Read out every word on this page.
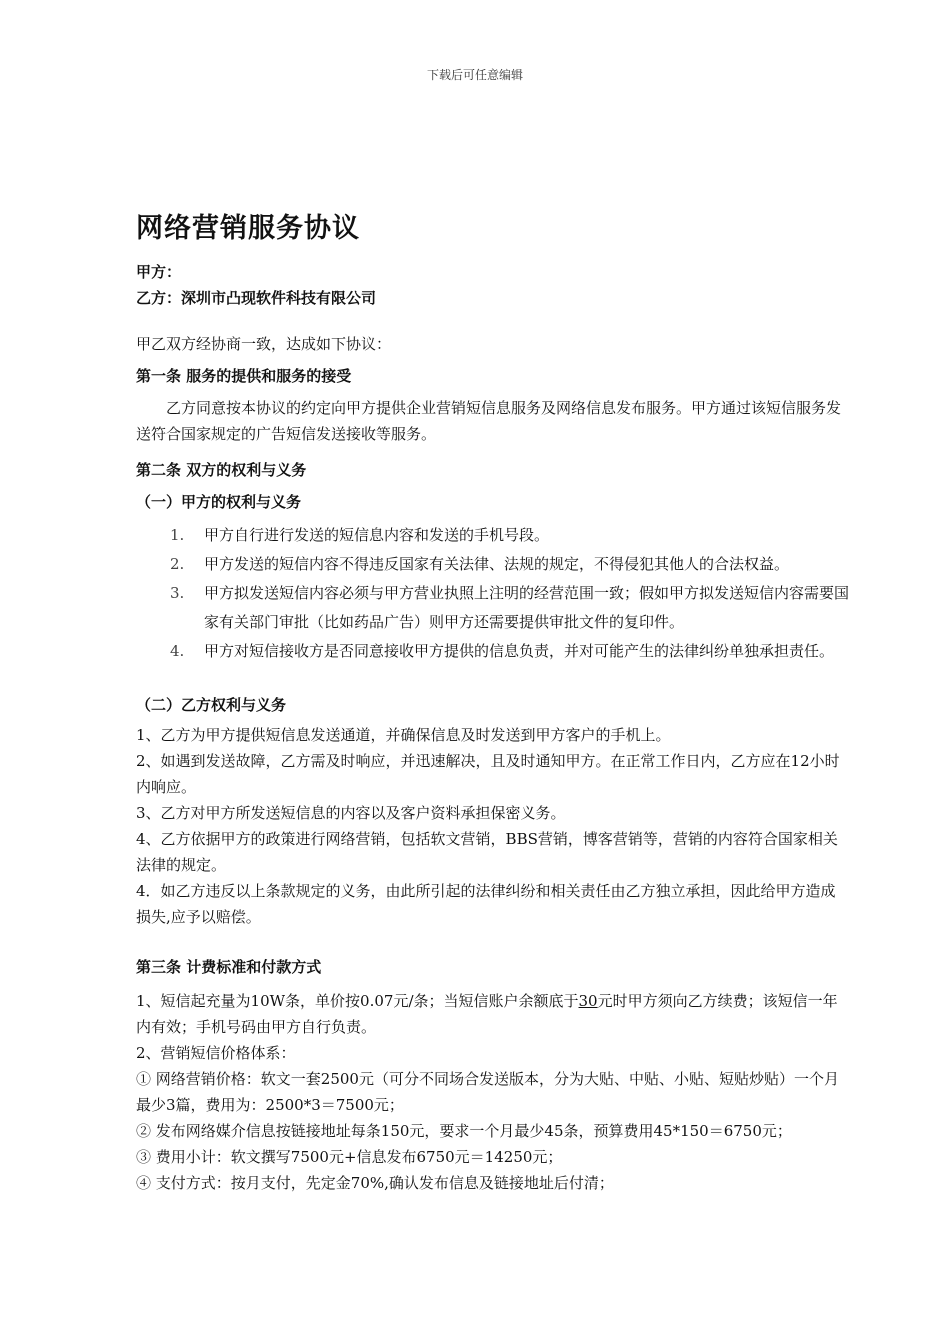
下载后可任意编辑
网络营销服务协议
甲方：
乙方：深圳市凸现软件科技有限公司
甲乙双方经协商一致，达成如下协议：
第一条 服务的提供和服务的接受
乙方同意按本协议的约定向甲方提供企业营销短信息服务及网络信息发布服务。甲方通过该短信服务发送符合国家规定的广告短信发送接收等服务。
第二条 双方的权利与义务
（一）甲方的权利与义务
1.	甲方自行进行发送的短信息内容和发送的手机号段。
2.	甲方发送的短信内容不得违反国家有关法律、法规的规定，不得侵犯其他人的合法权益。
3.	甲方拟发送短信内容必须与甲方营业执照上注明的经营范围一致；假如甲方拟发送短信内容需要国家有关部门审批（比如药品广告）则甲方还需要提供审批文件的复印件。
4.	甲方对短信接收方是否同意接收甲方提供的信息负责，并对可能产生的法律纠纷单独承担责任。
（二）乙方权利与义务
1、乙方为甲方提供短信息发送通道，并确保信息及时发送到甲方客户的手机上。
2、如遇到发送故障，乙方需及时响应，并迅速解决，且及时通知甲方。在正常工作日内，乙方应在12小时内响应。
3、乙方对甲方所发送短信息的内容以及客户资料承担保密义务。
4、乙方依据甲方的政策进行网络营销，包括软文营销，BBS营销，博客营销等，营销的内容符合国家相关法律的规定。
4．如乙方违反以上条款规定的义务，由此所引起的法律纠纷和相关责任由乙方独立承担，因此给甲方造成损失,应予以赔偿。
第三条 计费标准和付款方式
1、短信起充量为10W条，单价按0.07元/条；当短信账户余额底于30元时甲方须向乙方续费；该短信一年内有效；手机号码由甲方自行负责。
2、营销短信价格体系：
① 网络营销价格：软文一套2500元（可分不同场合发送版本，分为大贴、中贴、小贴、短贴炒贴）一个月最少3篇，费用为：2500*3＝7500元；
② 发布网络媒介信息按链接地址每条150元，要求一个月最少45条，预算费用45*150＝6750元；
③ 费用小计：软文撰写7500元+信息发布6750元＝14250元；
④ 支付方式：按月支付，先定金70%,确认发布信息及链接地址后付清；
